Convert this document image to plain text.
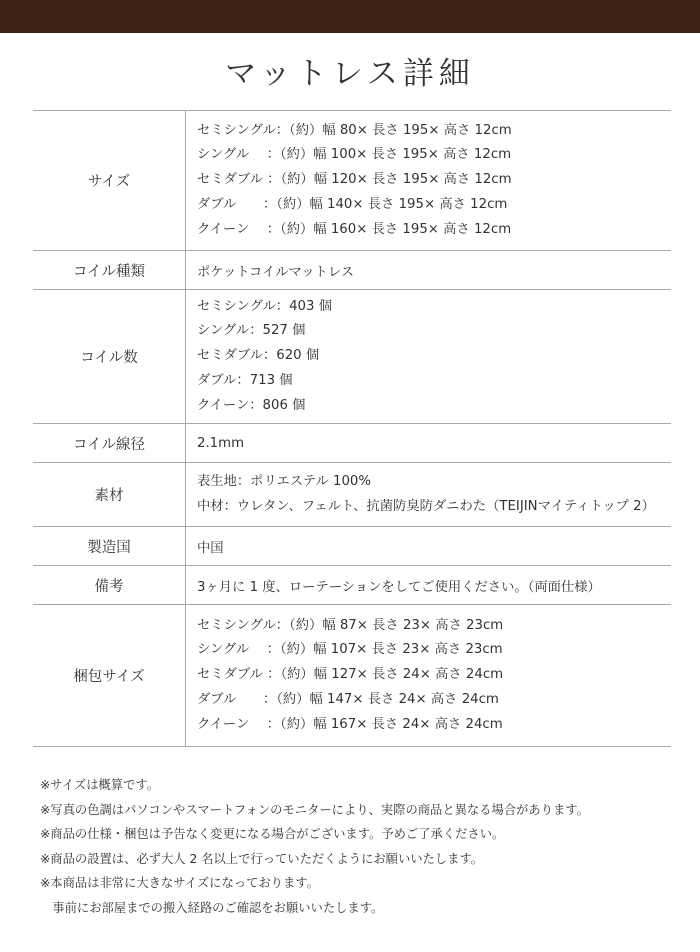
マットレス詳細
サイズ	セミシングル：（約）幅 80× 長さ 195× 高さ 12cm
シングル　 ：（約）幅 100× 長さ 195× 高さ 12cm
セミダブル ：（約）幅 120× 長さ 195× 高さ 12cm
ダブル　　：（約）幅 140× 長さ 195× 高さ 12cm
クイーン　 ：（約）幅 160× 長さ 195× 高さ 12cm

コイル種類	ポケットコイルマットレス
コイル数	セミシングル：403 個
シングル：527 個
セミダブル：620 個
ダブル：713 個
クイーン：806 個

コイル線径	2.1mm
素材	表生地：ポリエステル 100%
中材：ウレタン、フェルト、抗菌防臭防ダニわた（TEIJINマイティトップ 2）

製造国	中国
備考	3ヶ月に 1 度、ローテーションをしてご使用ください。（両面仕様）
梱包サイズ	セミシングル：（約）幅 87× 長さ 23× 高さ 23cm
シングル　 ：（約）幅 107× 長さ 23× 高さ 23cm
セミダブル ：（約）幅 127× 長さ 24× 高さ 24cm
ダブル　　：（約）幅 147× 長さ 24× 高さ 24cm
クイーン　 ：（約）幅 167× 長さ 24× 高さ 24cm
※サイズは概算です。
※写真の色調はパソコンやスマートフォンのモニターにより、実際の商品と異なる場合があります。
※商品の仕様・梱包は予告なく変更になる場合がございます。予めご了承ください。
※商品の設置は、必ず大人 2 名以上で行っていただくようにお願いいたします。
※本商品は非常に大きなサイズになっております。
　事前にお部屋までの搬入経路のご確認をお願いいたします。
